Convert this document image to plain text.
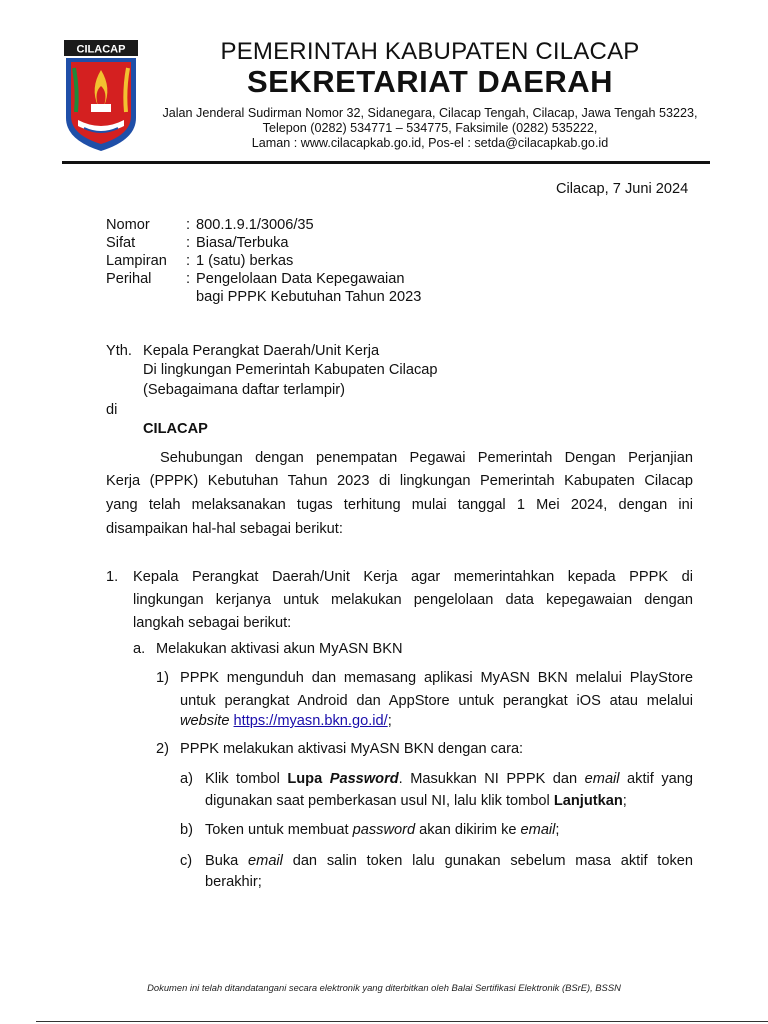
CILACAP	PEMERINTAH KABUPATEN CILACAP
SEKRETARIAT DAERAH
Jalan Jenderal Sudirman Nomor 32, Sidanegara, Cilacap Tengah, Cilacap, Jawa Tengah 53223,
Telepon (0282) 534771 – 534775, Faksimile (0282) 535222,
Laman : www.cilacapkab.go.id, Pos-el : setda@cilacapkab.go.id
Cilacap, 7 Juni 2024
Nomor : 800.1.9.1/3006/35
Sifat	: Biasa/Terbuka
Lampiran : 1 (satu) berkas
Perihal : Pengelolaan Data Kepegawaian
bagi PPPK Kebutuhan Tahun 2023
Yth. Kepala Perangkat Daerah/Unit Kerja
Di lingkungan Pemerintah Kabupaten Cilacap
(Sebagaimana daftar terlampir)
di
CILACAP
Sehubungan dengan penempatan Pegawai Pemerintah Dengan Perjanjian
Kerja (PPPK) Kebutuhan Tahun 2023 di lingkungan Pemerintah Kabupaten Cilacap
yang telah melaksanakan tugas terhitung mulai tanggal 1 Mei 2024, dengan ini
disampaikan hal-hal sebagai berikut:
1. Kepala Perangkat Daerah/Unit Kerja agar memerintahkan kepada PPPK di
lingkungan kerjanya untuk melakukan pengelolaan data kepegawaian dengan
langkah sebagai berikut:
a. Melakukan aktivasi akun MyASN BKN
1) PPPK mengunduh dan memasang aplikasi MyASN BKN melalui PlayStore
untuk perangkat Android dan AppStore untuk perangkat iOS atau melalui
website https://myasn.bkn.go.id/;
2) PPPK melakukan aktivasi MyASN BKN dengan cara:
a) Klik tombol Lupa Password. Masukkan NI PPPK dan email aktif yang
digunakan saat pemberkasan usul NI, lalu klik tombol Lanjutkan;
b) Token untuk membuat password akan dikirim ke email;
c) Buka email dan salin token lalu gunakan sebelum masa aktif token
berakhir;
Dokumen ini telah ditandatangani secara elektronik yang diterbitkan oleh Balai Sertifikasi Elektronik (BSrE), BSSN
